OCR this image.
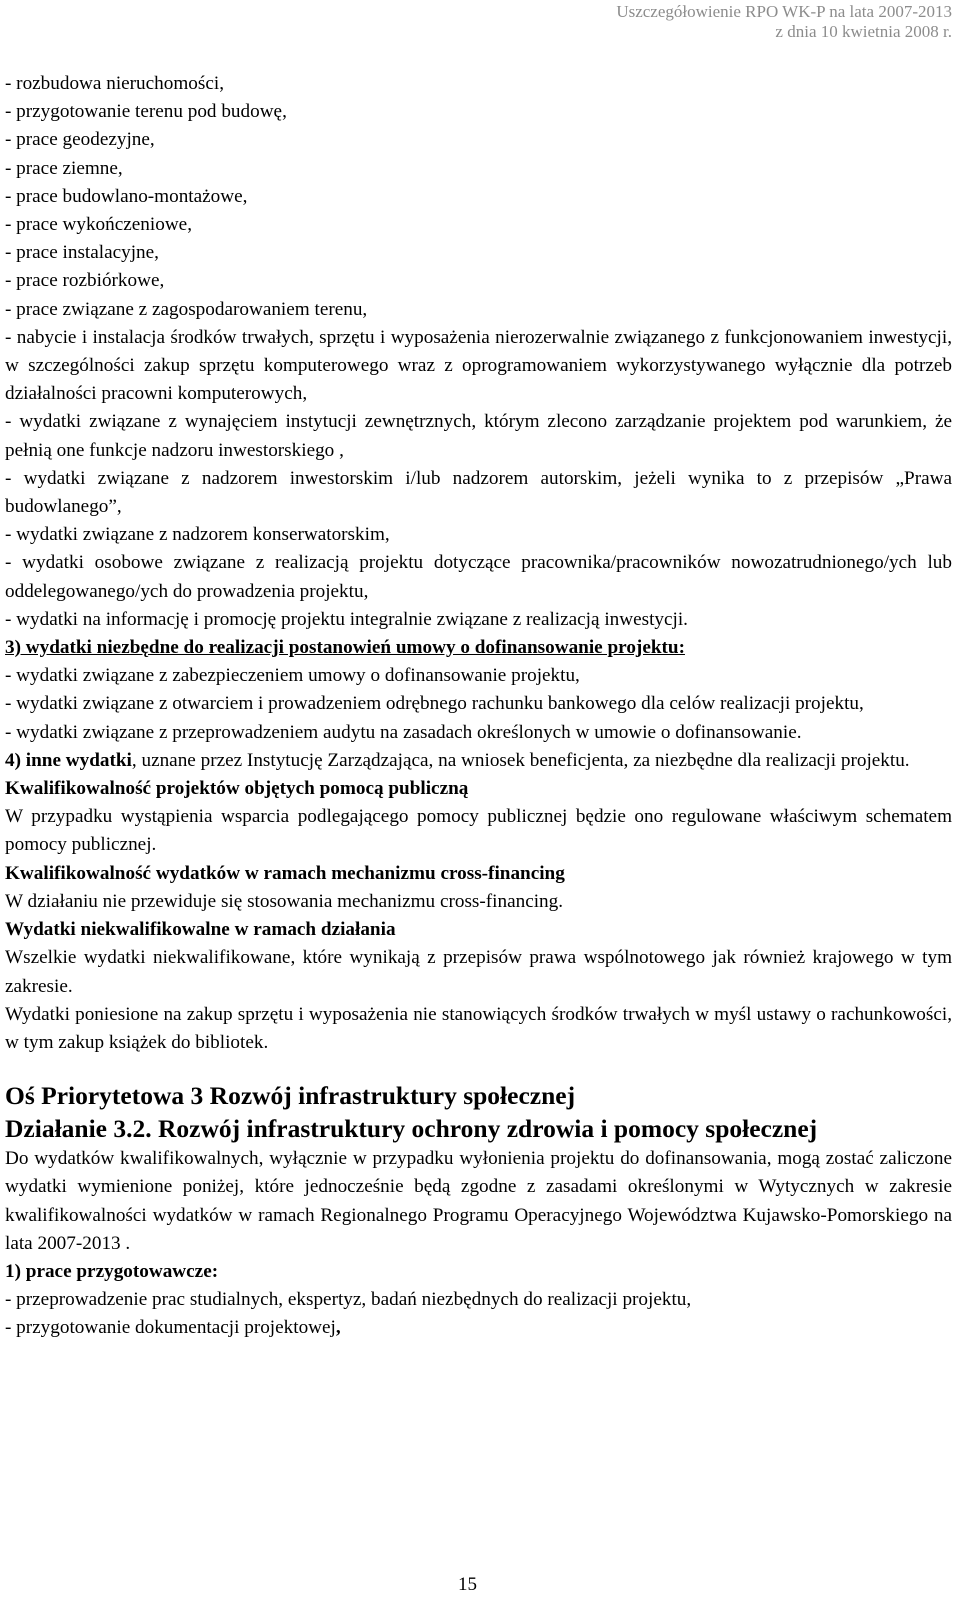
Uszczegółowienie RPO WK-P na lata 2007-2013
z dnia 10 kwietnia 2008 r.

- rozbudowa nieruchomości,

- przygotowanie terenu pod budowę,

- prace geodezyjne,

- prace ziemne,

- prace budowlano-montażowe,

- prace wykończeniowe,

- prace instalacyjne,

- prace rozbiórkowe,

- prace związane z zagospodarowaniem terenu,

- nabycie i instalacja środków trwałych, sprzętu i wyposażenia nierozerwalnie związanego z funkcjonowaniem inwestycji, w szczególności zakup sprzętu komputerowego wraz z oprogramowaniem wykorzystywanego wyłącznie dla potrzeb działalności pracowni komputerowych,

- wydatki związane z wynajęciem instytucji zewnętrznych, którym zlecono zarządzanie projektem pod warunkiem, że pełnią one funkcje nadzoru inwestorskiego ,

- wydatki związane z nadzorem inwestorskim i/lub nadzorem autorskim, jeżeli wynika to z przepisów „Prawa budowlanego”,

- wydatki związane z nadzorem konserwatorskim,

- wydatki osobowe związane z realizacją projektu dotyczące pracownika/pracowników nowozatrudnionego/ych lub oddelegowanego/ych do prowadzenia projektu,

- wydatki na informację i promocję projektu integralnie związane z realizacją inwestycji.

3) wydatki niezbędne do realizacji postanowień umowy o dofinansowanie projektu:

- wydatki związane z zabezpieczeniem umowy o dofinansowanie projektu,

- wydatki związane z otwarciem i prowadzeniem odrębnego rachunku bankowego dla celów realizacji projektu,

- wydatki związane z przeprowadzeniem audytu na zasadach określonych w umowie o dofinansowanie.

4) inne wydatki, uznane przez Instytucję Zarządzająca, na wniosek beneficjenta, za niezbędne dla realizacji projektu.

Kwalifikowalność projektów objętych pomocą publiczną

W przypadku wystąpienia wsparcia podlegającego pomocy publicznej będzie ono regulowane właściwym schematem pomocy publicznej.

Kwalifikowalność wydatków w ramach mechanizmu cross-financing

W działaniu nie przewiduje się stosowania mechanizmu cross-financing.

Wydatki niekwalifikowalne w ramach działania

Wszelkie wydatki niekwalifikowane, które wynikają z przepisów prawa wspólnotowego jak również krajowego w tym zakresie.

Wydatki poniesione na zakup sprzętu i wyposażenia nie stanowiących środków trwałych w myśl ustawy o rachunkowości, w tym zakup książek do bibliotek.

Oś Priorytetowa 3 Rozwój infrastruktury społecznej

Działanie 3.2. Rozwój infrastruktury ochrony zdrowia i pomocy społecznej

Do wydatków kwalifikowalnych, wyłącznie w przypadku wyłonienia projektu do dofinansowania, mogą zostać zaliczone wydatki wymienione poniżej, które jednocześnie będą zgodne z zasadami określonymi w Wytycznych w zakresie kwalifikowalności wydatków w ramach Regionalnego Programu Operacyjnego Województwa Kujawsko-Pomorskiego na lata 2007-2013 .

1) prace przygotowawcze:

- przeprowadzenie prac studialnych, ekspertyz, badań niezbędnych do realizacji projektu,

- przygotowanie dokumentacji projektowej,

15
